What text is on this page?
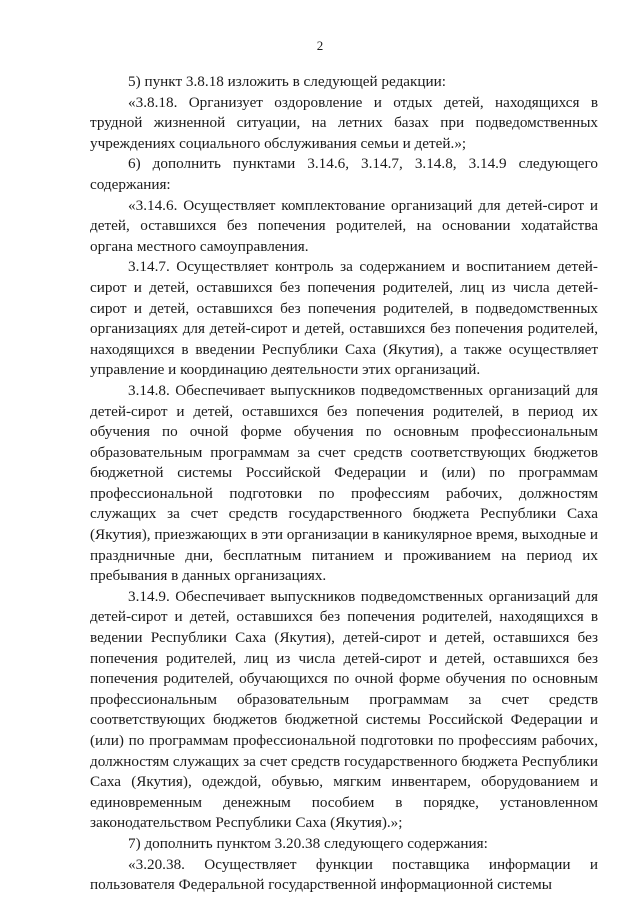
2

5) пункт 3.8.18 изложить в следующей редакции:

«3.8.18. Организует оздоровление и отдых детей, находящихся в трудной жизненной ситуации, на летних базах при подведомственных учреждениях социального обслуживания семьи и детей.»;

6) дополнить пунктами 3.14.6, 3.14.7, 3.14.8, 3.14.9 следующего содержания:

«3.14.6. Осуществляет комплектование организаций для детей-сирот и детей, оставшихся без попечения родителей, на основании ходатайства органа местного самоуправления.

3.14.7. Осуществляет контроль за содержанием и воспитанием детей-сирот и детей, оставшихся без попечения родителей, лиц из числа детей-сирот и детей, оставшихся без попечения родителей, в подведомственных организациях для детей-сирот и детей, оставшихся без попечения родителей, находящихся в введении Республики Саха (Якутия), а также осуществляет управление и координацию деятельности этих организаций.

3.14.8. Обеспечивает выпускников подведомственных организаций для детей-сирот и детей, оставшихся без попечения родителей, в период их обучения по очной форме обучения по основным профессиональным образовательным программам за счет средств соответствующих бюджетов бюджетной системы Российской Федерации и (или) по программам профессиональной подготовки по профессиям рабочих, должностям служащих за счет средств государственного бюджета Республики Саха (Якутия), приезжающих в эти организации в каникулярное время, выходные и праздничные дни, бесплатным питанием и проживанием на период их пребывания в данных организациях.

3.14.9. Обеспечивает выпускников подведомственных организаций для детей-сирот и детей, оставшихся без попечения родителей, находящихся в ведении Республики Саха (Якутия), детей-сирот и детей, оставшихся без попечения родителей, лиц из числа детей-сирот и детей, оставшихся без попечения родителей, обучающихся по очной форме обучения по основным профессиональным образовательным программам за счет средств соответствующих бюджетов бюджетной системы Российской Федерации и (или) по программам профессиональной подготовки по профессиям рабочих, должностям служащих за счет средств государственного бюджета Республики Саха (Якутия), одеждой, обувью, мягким инвентарем, оборудованием и единовременным денежным пособием в порядке, установленном законодательством Республики Саха (Якутия).»;

7) дополнить пунктом 3.20.38 следующего содержания:

«3.20.38. Осуществляет функции поставщика информации и пользователя Федеральной государственной информационной системы
